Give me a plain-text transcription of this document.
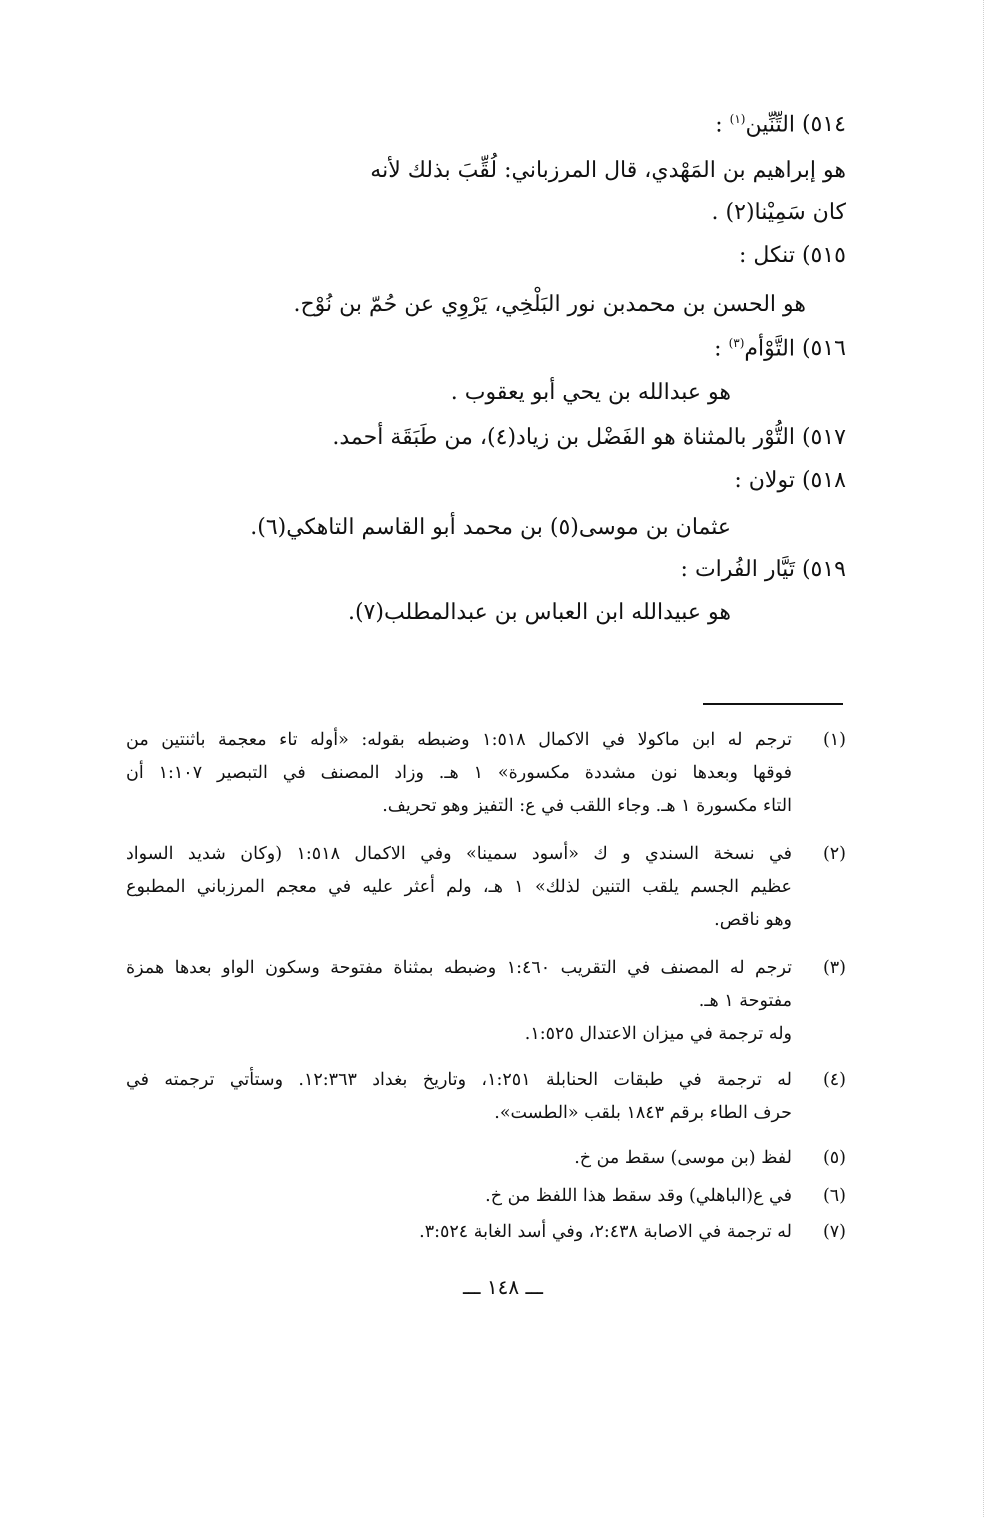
٥١٤) التِّنِّين$^{(١)}$ :
هو إبراهيم بن المَهْدي، قال المرزباني: لُقِّبَ بذلك لأنه
كان سَمِيْنا(٢) .
٥١٥) تنكل :
هو الحسن بن محمدبن نور البَلْخِي، يَرْوِي عن حُمّ بن نُوْح.
٥١٦) التَّوْأم$^{(٣)}$ :
هو عبدالله بن يحي أبو يعقوب .
٥١٧) التُّوْر بالمثناة هو الفَضْل بن زياد(٤)، من طَبَقَة أحمد.
٥١٨) تولان :
عثمان بن موسى(٥) بن محمد أبو القاسم التاهكي(٦).
٥١٩) تَيَّار الفُرات :
هو عبيدالله ابن العباس بن عبدالمطلب(٧).
(١)
ترجم له ابن ماكولا في الاكمال ١:٥١٨ وضبطه بقوله: «أوله تاء معجمة باثنتين من
فوقها وبعدها نون مشددة مكسورة» ١ هـ. وزاد المصنف في التبصير ١:١٠٧ أن
التاء مكسورة ١ هـ. وجاء اللقب في ع: التفيز وهو تحريف.
(٢)
في نسخة السندي و ك «أسود سمينا» وفي الاكمال ١:٥١٨ (وكان شديد السواد
عظيم الجسم يلقب التنين لذلك» ١ هـ، ولم أعثر عليه في معجم المرزباني المطبوع
وهو ناقص.
(٣)
ترجم له المصنف في التقريب ١:٤٦٠ وضبطه بمثناة مفتوحة وسكون الواو بعدها همزة
مفتوحة ١ هـ.
وله ترجمة في ميزان الاعتدال ١:٥٢٥.
(٤)
له ترجمة في طبقات الحنابلة ١:٢٥١، وتاريخ بغداد ١٢:٣٦٣. وستأتي ترجمته في
حرف الطاء برقم ١٨٤٣ بلقب «الطست».
(٥)
لفظ (بن موسى) سقط من خ.
(٦)
في ع(الباهلي) وقد سقط هذا اللفظ من خ.
(٧)
له ترجمة في الاصابة ٢:٤٣٨، وفي أسد الغابة ٣:٥٢٤.
ـــ ١٤٨ ـــ
